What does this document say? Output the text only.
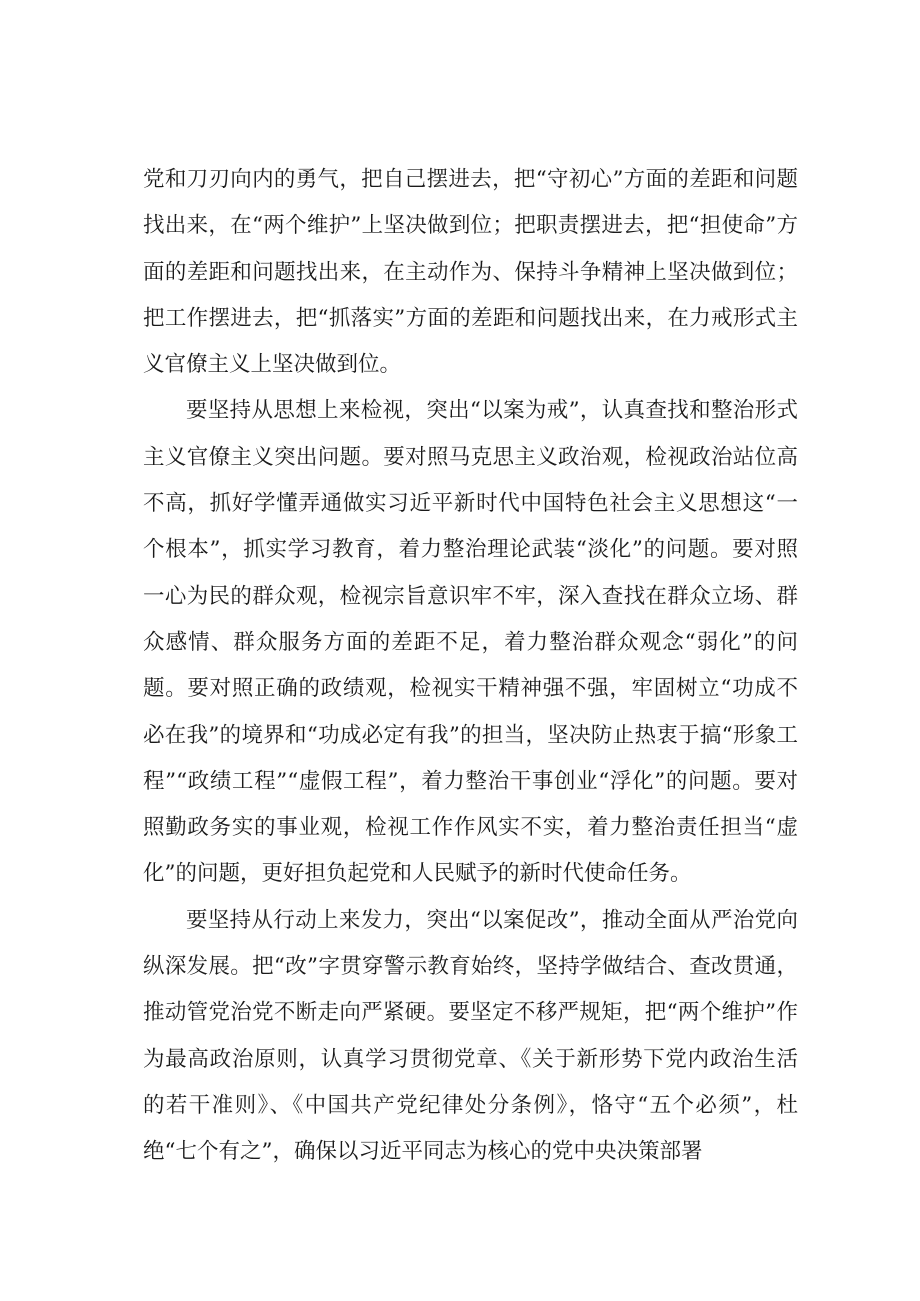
党和刀刃向内的勇气，把自己摆进去，把“守初心”方面的差距和问题找出来，在“两个维护”上坚决做到位；把职责摆进去，把“担使命”方面的差距和问题找出来，在主动作为、保持斗争精神上坚决做到位；把工作摆进去，把“抓落实”方面的差距和问题找出来，在力戒形式主义官僚主义上坚决做到位。

要坚持从思想上来检视，突出“以案为戒”，认真查找和整治形式主义官僚主义突出问题。要对照马克思主义政治观，检视政治站位高不高，抓好学懂弄通做实习近平新时代中国特色社会主义思想这“一个根本”，抓实学习教育，着力整治理论武装“淡化”的问题。要对照一心为民的群众观，检视宗旨意识牢不牢，深入查找在群众立场、群众感情、群众服务方面的差距不足，着力整治群众观念“弱化”的问题。要对照正确的政绩观，检视实干精神强不强，牢固树立“功成不必在我”的境界和“功成必定有我”的担当，坚决防止热衷于搞“形象工程”“政绩工程”“虚假工程”，着力整治干事创业“浮化”的问题。要对照勤政务实的事业观，检视工作作风实不实，着力整治责任担当“虚化”的问题，更好担负起党和人民赋予的新时代使命任务。

要坚持从行动上来发力，突出“以案促改”，推动全面从严治党向纵深发展。把“改”字贯穿警示教育始终，坚持学做结合、查改贯通，推动管党治党不断走向严紧硬。要坚定不移严规矩，把“两个维护”作为最高政治原则，认真学习贯彻党章、《关于新形势下党内政治生活的若干准则》、《中国共产党纪律处分条例》，恪守“五个必须”，杜绝“七个有之”，确保以习近平同志为核心的党中央决策部署
